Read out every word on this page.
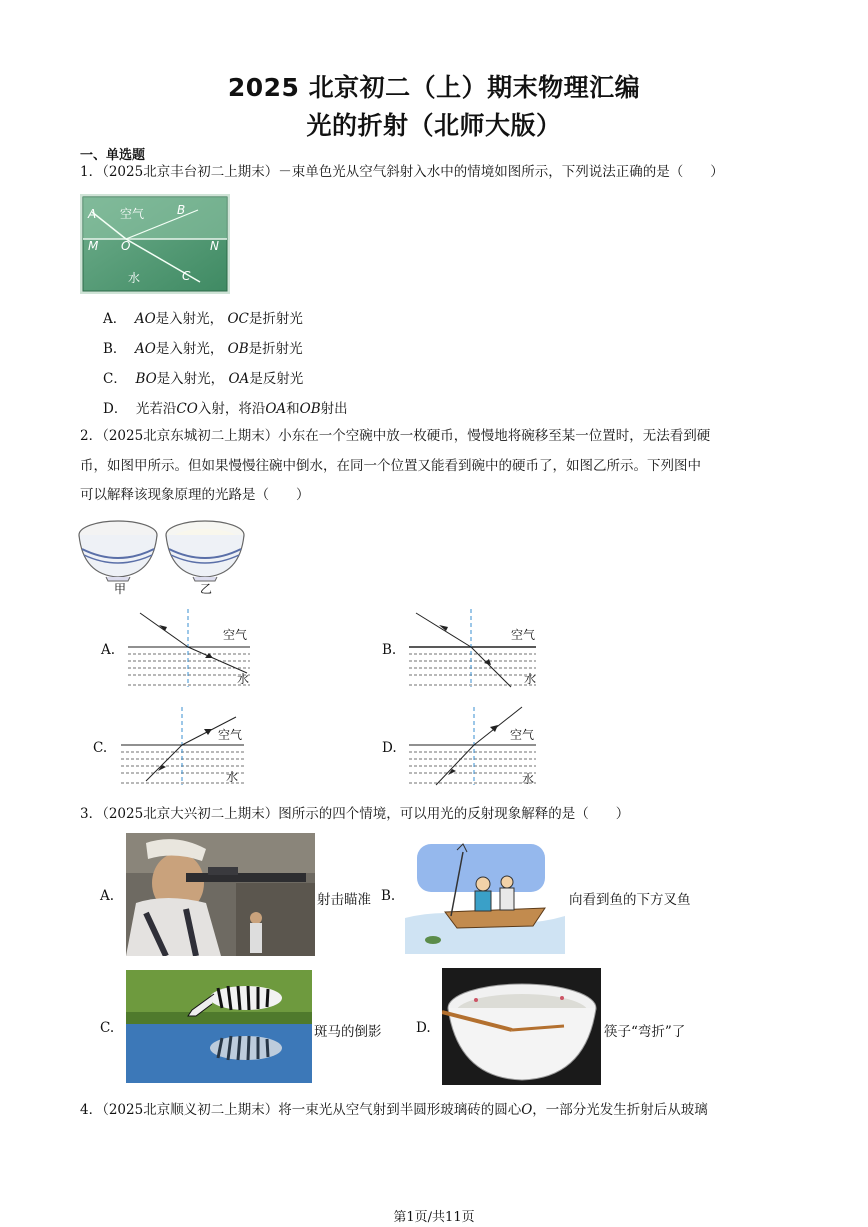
2025 北京初二（上）期末物理汇编
光的折射（北师大版）
一、单选题
1．（2025北京丰台初二上期末）－束单色光从空气斜射入水中的情境如图所示，下列说法正确的是（　　）
A	B
C
M	N
O
空气
水
A． AO是入射光， OC是折射光
B． AO是入射光， OB是折射光
C． BO是入射光， OA是反射光
D． 光若沿CO入射，将沿OA和OB射出
2．（2025北京东城初二上期末）小东在一个空碗中放一枚硬币，慢慢地将碗移至某一位置时，无法看到硬
币，如图甲所示。但如果慢慢往碗中倒水，在同一个位置又能看到碗中的硬币了，如图乙所示。下列图中
可以解释该现象原理的光路是（　　）
甲	乙
A.
空气
水
B.
空气
水
C.
空气
水
D.
空气
水
3．（2025北京大兴初二上期末）图所示的四个情境，可以用光的反射现象解释的是（　　）
A.	射击瞄准 B.	向看到鱼的下方叉鱼
C.	斑马的倒影	D.	筷子“弯折”了
4．（2025北京顺义初二上期末）将一束光从空气射到半圆形玻璃砖的圆心O，一部分光发生折射后从玻璃
第1页/共11页
